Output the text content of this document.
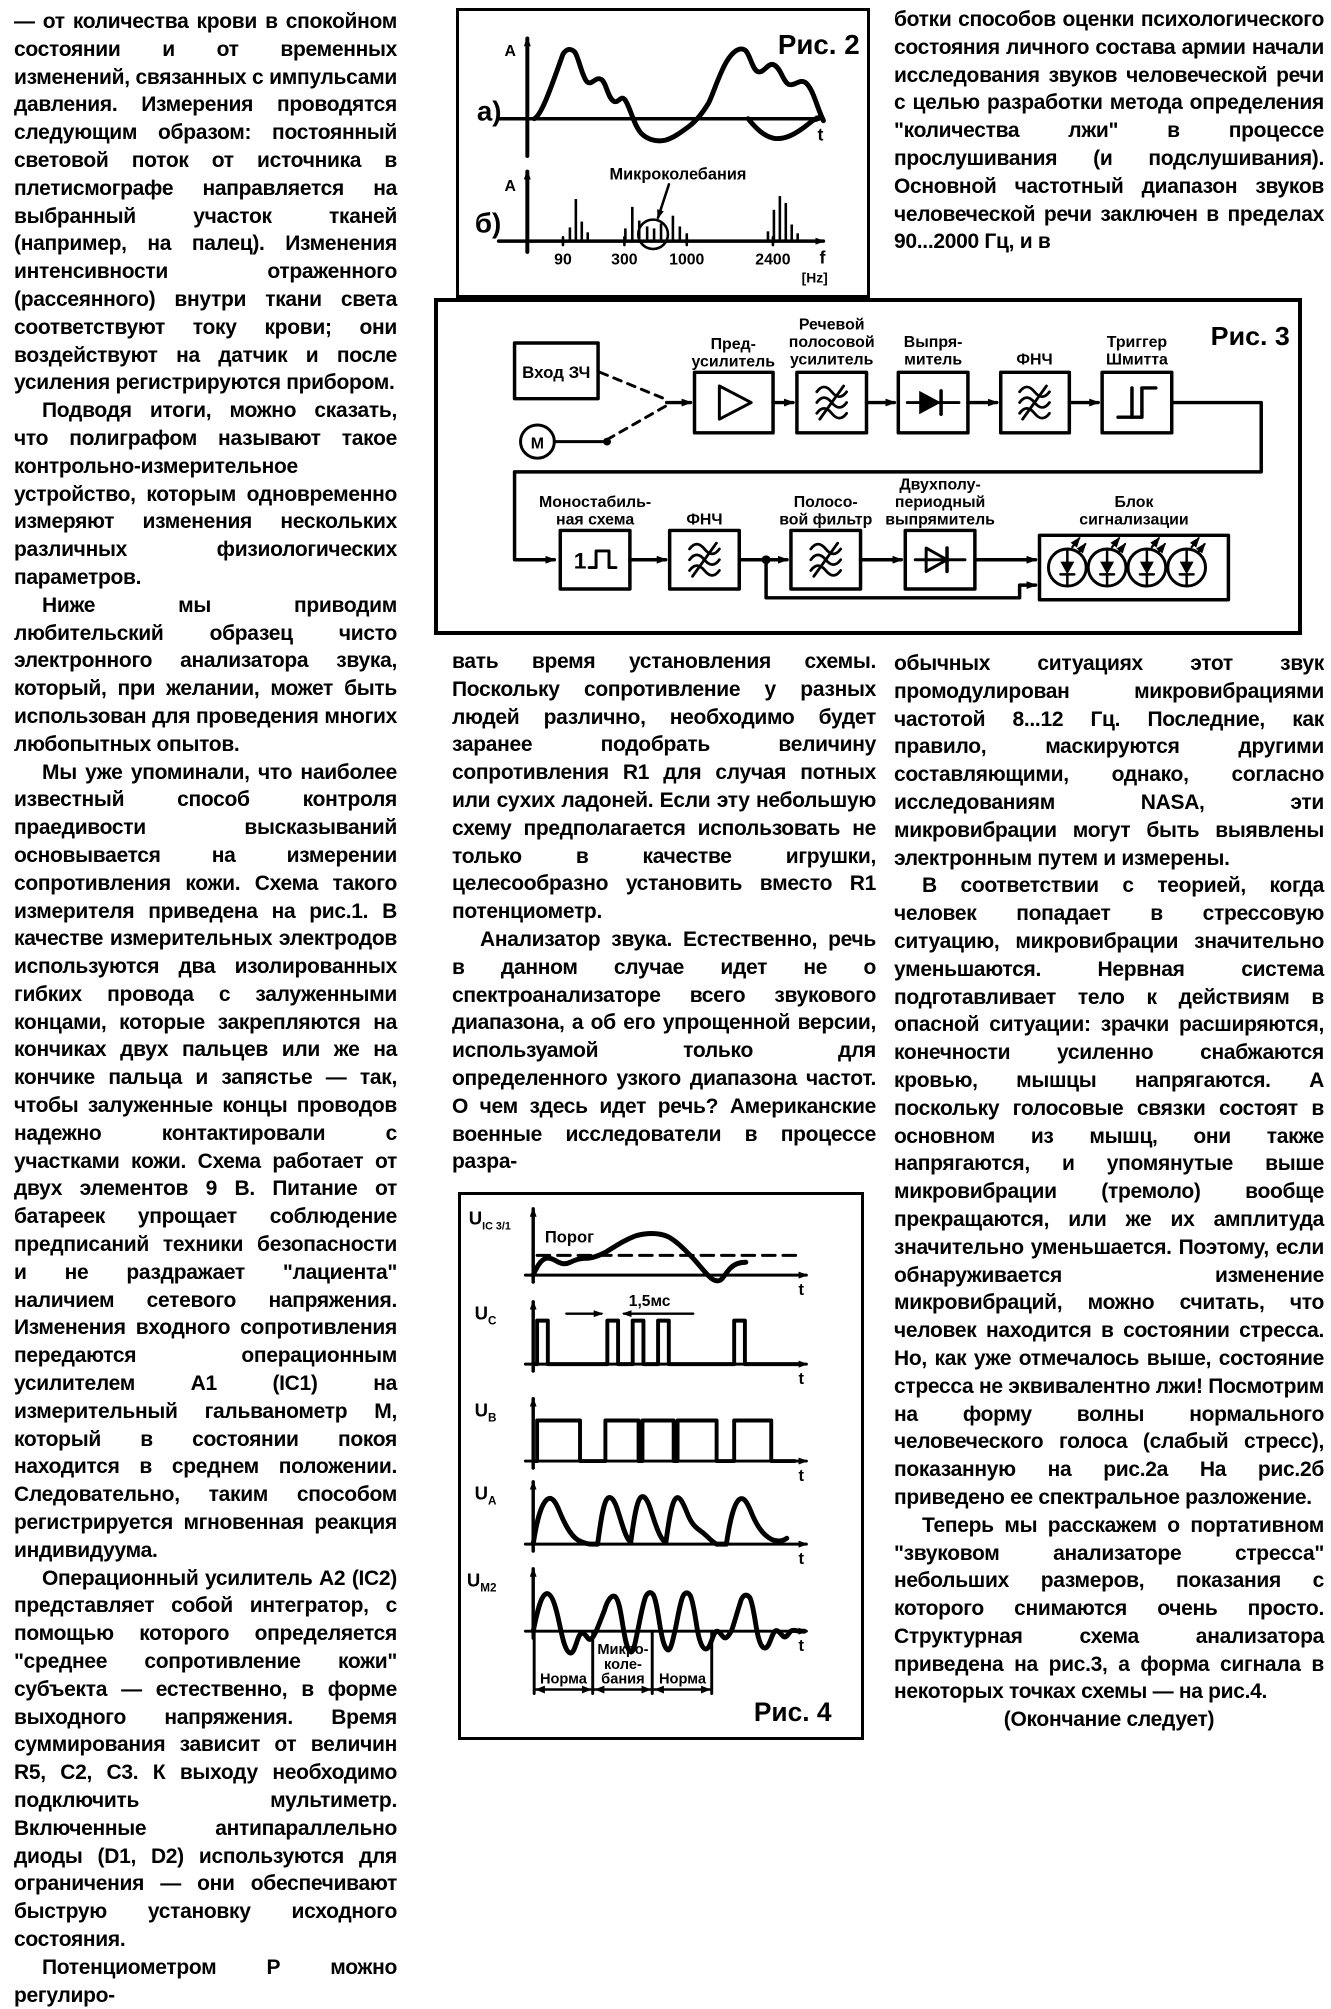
— от количества крови в спокойном состоянии и от временных изменений, связанных с импульсами давления. Измерения проводятся следующим образом: постоянный световой поток от источника в плетисмографе направляется на выбранный участок тканей (например, на палец). Изменения интенсивности отраженного (рассеянного) внутри ткани света соответствуют току крови; они воздействуют на датчик и после усиления регистрируются прибором.

Подводя итоги, можно сказать, что полиграфом называют такое контрольно-измерительное устройство, которым одновременно измеряют изменения нескольких различных физиологических параметров.

Ниже мы приводим любительский образец чисто электронного анализатора звука, который, при желании, может быть использован для проведения многих любопытных опытов.

Мы уже упоминали, что наиболее известный способ контроля праедивости высказываний основывается на измерении сопротивления кожи. Схема такого измерителя приведена на рис.1. В качестве измерительных электродов используются два изолированных гибких провода с залуженными концами, которые закрепляются на кончиках двух пальцев или же на кончике пальца и запястье — так, чтобы залуженные концы проводов надежно контактировали с участками кожи. Схема работает от двух элементов 9 В. Питание от батареек упрощает соблюдение предписаний техники безопасности и не раздражает "лациента" наличием сетевого напряжения. Изменения входного сопротивления передаются операционным усилителем А1 (IC1) на измерительный гальванометр М, который в состоянии покоя находится в среднем положении. Следовательно, таким способом регистрируется мгновенная реакция индивидуума.

Операционный усилитель А2 (IC2) представляет собой интегратор, с помощью которого определяется "среднее сопротивление кожи" субъекта — естественно, в форме выходного напряжения. Время суммирования зависит от величин R5, С2, С3. К выходу необходимо подключить мультиметр. Включенные антипараллельно диоды (D1, D2) используются для ограничения — они обеспечивают быструю установку исходного состояния.

Потенциометром Р можно регулиро-

вать время установления схемы. Поскольку сопротивление у разных людей различно, необходимо будет заранее подобрать величину сопротивления R1 для случая потных или сухих ладоней. Если эту небольшую схему предполагается использовать не только в качестве игрушки, целесообразно установить вместо R1 потенциометр.

Анализатор звука. Естественно, речь в данном случае идет не о спектроанализаторе всего звукового диапазона, а об его упрощенной версии, используамой только для определенного узкого диапазона частот. О чем здесь идет речь? Американские военные исследователи в процессе разра-

ботки способов оценки психологического состояния личного состава армии начали исследования звуков человеческой речи с целью разработки метода определения "количества лжи" в процессе прослушивания (и подслушивания). Основной частотный диапазон звуков человеческой речи заключен в пределах 90...2000 Гц, и в

обычных ситуациях этот звук промодулирован микровибрациями частотой 8...12 Гц. Последние, как правило, маскируются другими составляющими, однако, согласно исследованиям NASA, эти микровибрации могут быть выявлены электронным путем и измерены.

В соответствии с теорией, когда человек попадает в стрессовую ситуацию, микровибрации значительно уменьшаются. Нервная система подготавливает тело к действиям в опасной ситуации: зрачки расширяются, конечности усиленно снабжаются кровью, мышцы напрягаются. А поскольку голосовые связки состоят в основном из мышц, они также напрягаются, и упомянутые выше микровибрации (тремоло) вообще прекращаются, или же их амплитуда значительно уменьшается. Поэтому, если обнаруживается изменение микровибраций, можно считать, что человек находится в состоянии стресса. Но, как уже отмечалось выше, состояние стресса не эквивалентно лжи! Посмотрим на форму волны нормального человеческого голоса (слабый стресс), показанную на рис.2а На рис.2б приведено ее спектральное разложение.

Теперь мы расскажем о портативном "звуковом анализаторе стресса" небольших размеров, показания с которого снимаются очень просто. Структурная схема анализатора приведена на рис.3, а форма сигнала в некоторых точках схемы — на рис.4.

(Окончание следует)

Рис. 2
а)
А
t
б)
А
f
[Hz]
Микроколебания
90 300 1000	2400
Рис. 3
Вход ЗЧ
М
Пред-
усилитель
Речевой
полосовой
усилитель
Выпря-
митель	ФНЧ
Триггер
Шмитта
1
Моностабиль-
ная схема	ФНЧ
Полосо-
вой фильтр
Двухполу-
периодный
выпрямитель
Блок
сигнализации
$U_{IC 3/1}$
t
Порог
$U_C$
t
1,5мс
$U_B$
t
$U_A$
t
$U_{M2}$
t
Норма
Микро-
коле-
бания Норма
Рис. 4
